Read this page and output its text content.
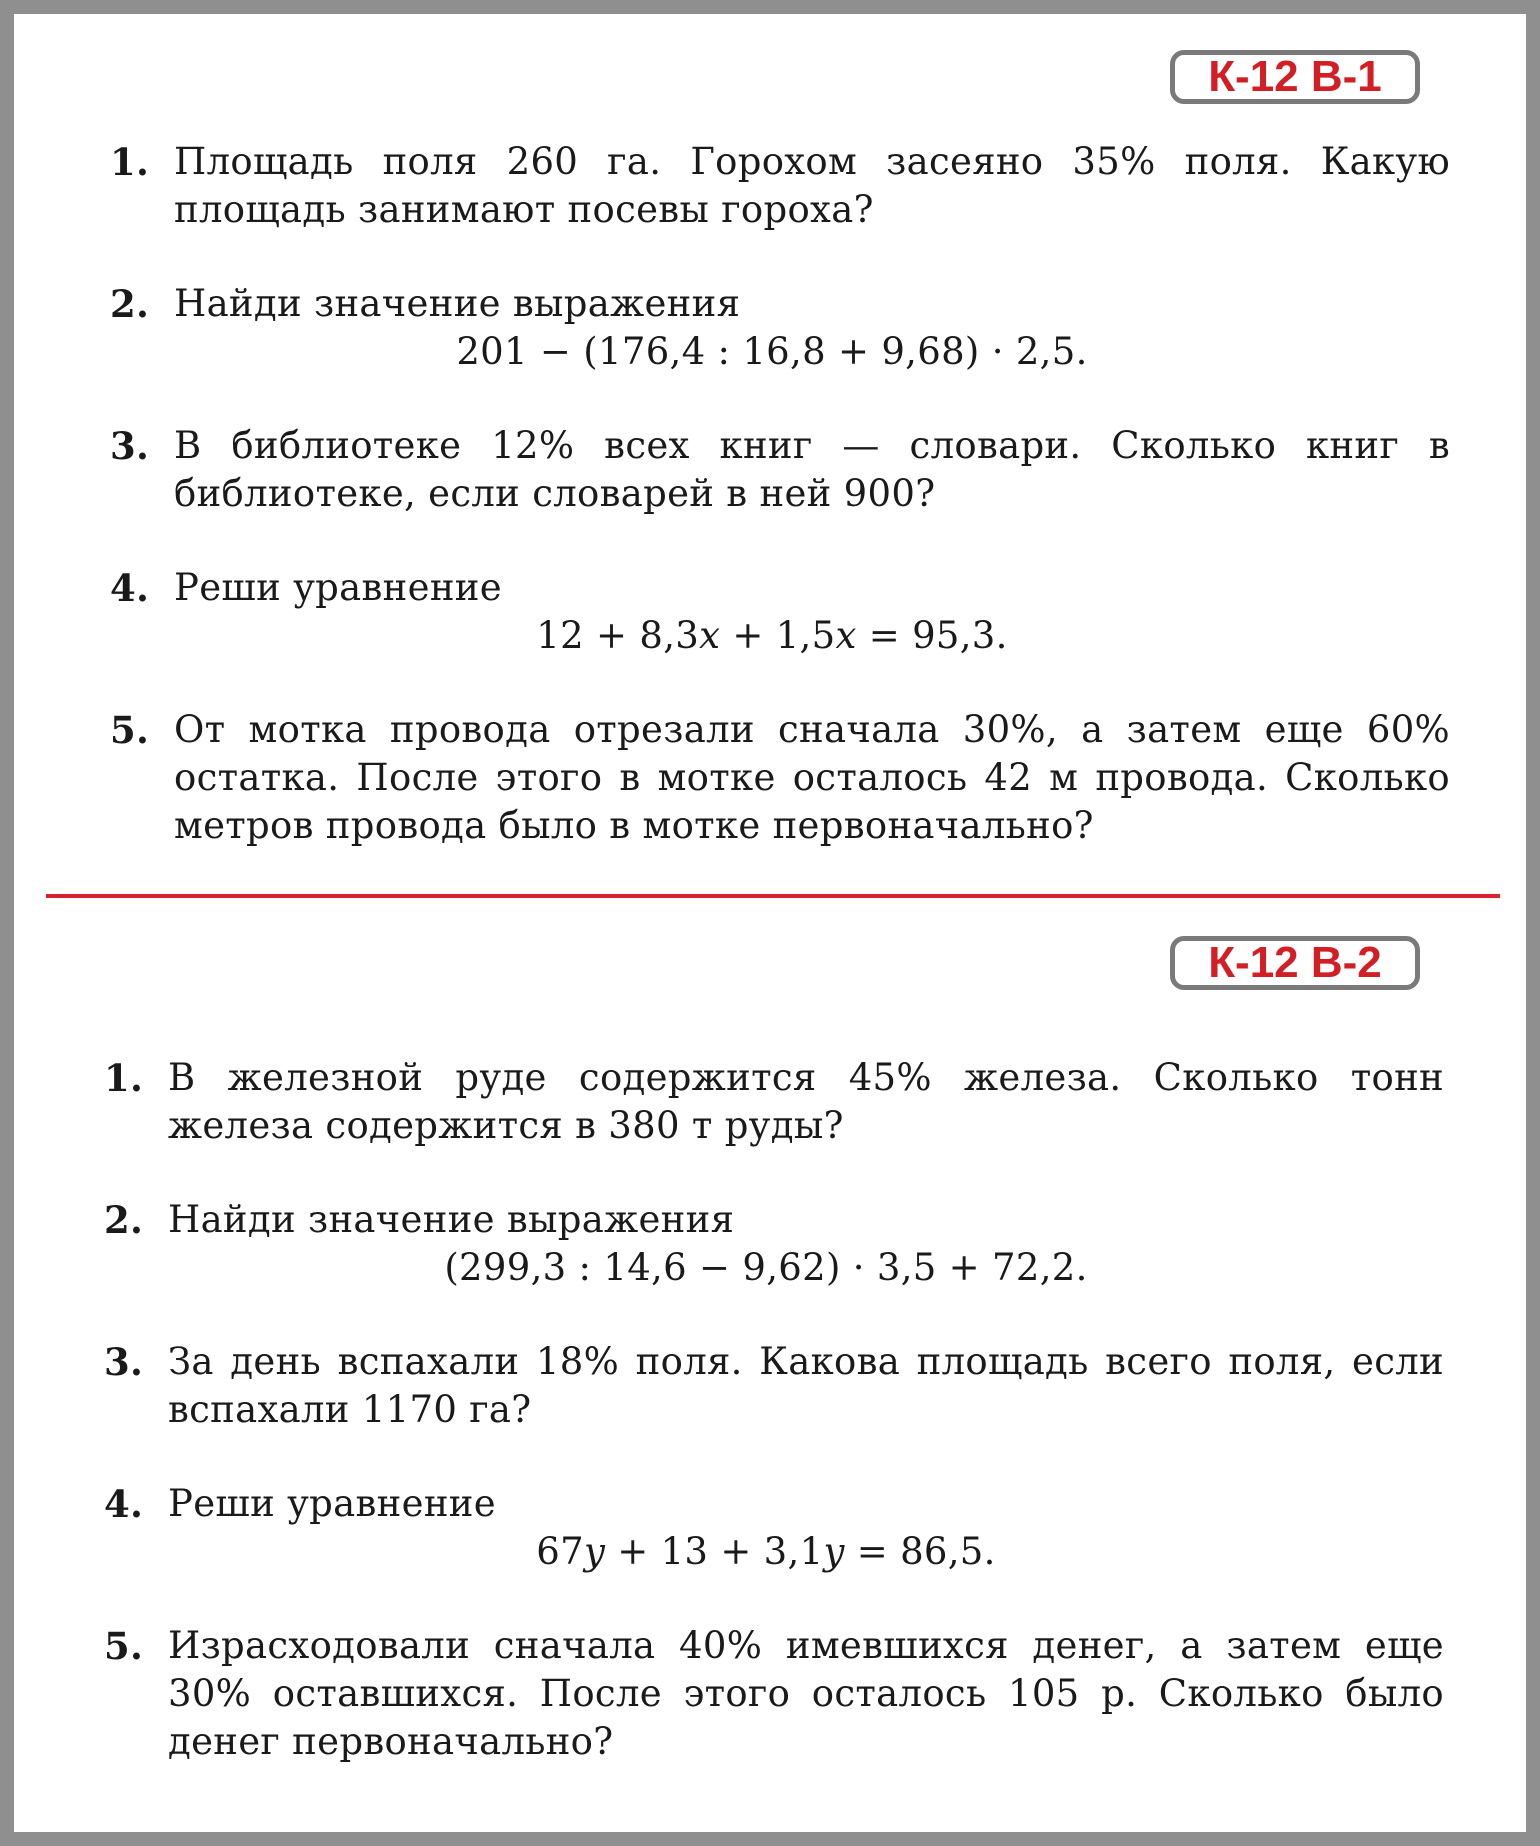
К-12 В-1
1. Площадь поля 260 га. Горохом засеяно 35% поля. Какую площадь занимают посевы гороха?
2. Найди значение выражения
201 − (176,4 : 16,8 + 9,68) · 2,5.
3. В библиотеке 12% всех книг — словари. Сколько книг в библиотеке, если словарей в ней 900?
4. Реши уравнение
12 + 8,3x + 1,5x = 95,3.
5. От мотка провода отрезали сначала 30%, а затем еще 60% остатка. После этого в мотке осталось 42 м провода. Сколько метров провода было в мотке первоначально?
К-12 В-2
1. В железной руде содержится 45% железа. Сколько тонн железа содержится в 380 т руды?
2. Найди значение выражения
(299,3 : 14,6 − 9,62) · 3,5 + 72,2.
3. За день вспахали 18% поля. Какова площадь всего поля, если вспахали 1170 га?
4. Реши уравнение
67y + 13 + 3,1y = 86,5.
5. Израсходовали сначала 40% имевшихся денег, а затем еще 30% оставшихся. После этого осталось 105 р. Сколько было денег первоначально?
